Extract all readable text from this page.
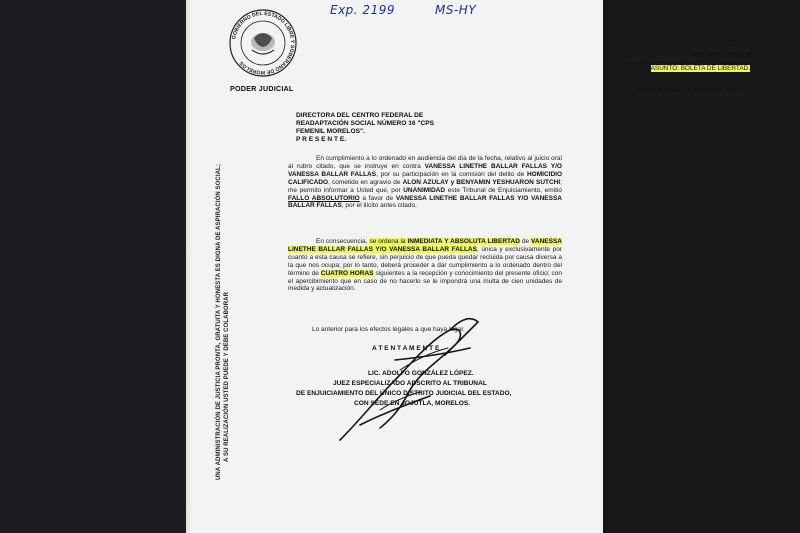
Exp. 2199	MS-HY
GOBIERNO DEL ESTADO LIBRE Y SOBERANO DE MORELOS
PODER JUDICIAL
UNA ADMINISTRACIÓN DE JUSTICIA PRONTA, GRATUITA Y HONESTA ES DIGNA DE ASPIRACIÓN SOCIAL; A SU REALIZACIÓN USTED PUEDE Y DEBE COLABORAR
Oficio Núm. 07874/24
CARPETA ADMINISTRATIVA: JOJ/019/2023
ASUNTO: BOLETA DE LIBERTAD.
Jojutla, Morelos, 11 de octubre de 2024.
DIRECTORA DEL CENTRO FEDERAL DE
READAPTACIÓN SOCIAL NÚMERO 16 "CPS
FEMENIL MORELOS".
P R E S E N T E.
En cumplimiento a lo ordenado en audiencia del día de la fecha, relativo al juicio oral al rubro citado, que se instruye en contra VANESSA LINETHE BALLAR FALLAS Y/O VANESSA BALLAR FALLAS, por su participación en la comisión del delito de HOMICIDIO CALIFICADO, cometido en agravio de ALON AZULAY y BENYAMIN YESHUARON SUTCHI; me permito informar a Usted que, por UNANIMIDAD este Tribunal de Enjuiciamiento, emitió FALLO ABSOLUTORIO a favor de VANESSA LINETHE BALLAR FALLAS Y/O VANESSA BALLAR FALLAS, por el ilícito antes citado.
En consecuencia, se ordena la INMEDIATA Y ABSOLUTA LIBERTAD de VANESSA LINETHE BALLAR FALLAS Y/O VANESSA BALLAR FALLAS, única y exclusivamente por cuanto a esta causa se refiere, sin perjuicio de que pueda quedar recluida por causa diversa a la que nos ocupa; por lo tanto, deberá proceder a dar cumplimiento a lo ordenado dentro del término de CUATRO HORAS siguientes a la recepción y conocimiento del presente oficio; con el apercibimiento que en caso de no hacerlo se le impondrá una multa de cien unidades de medida y actualización.
Lo anterior para los efectos legales a que haya lugar.
A T E N T A M E N T E
LIC. ADOLFO GONZÁLEZ LÓPEZ.
JUEZ ESPECIALIZADO ADSCRITO AL TRIBUNAL
DE ENJUICIAMIENTO DEL ÚNICO DISTRITO JUDICIAL DEL ESTADO,
CON SEDE EN JOJUTLA, MORELOS.
